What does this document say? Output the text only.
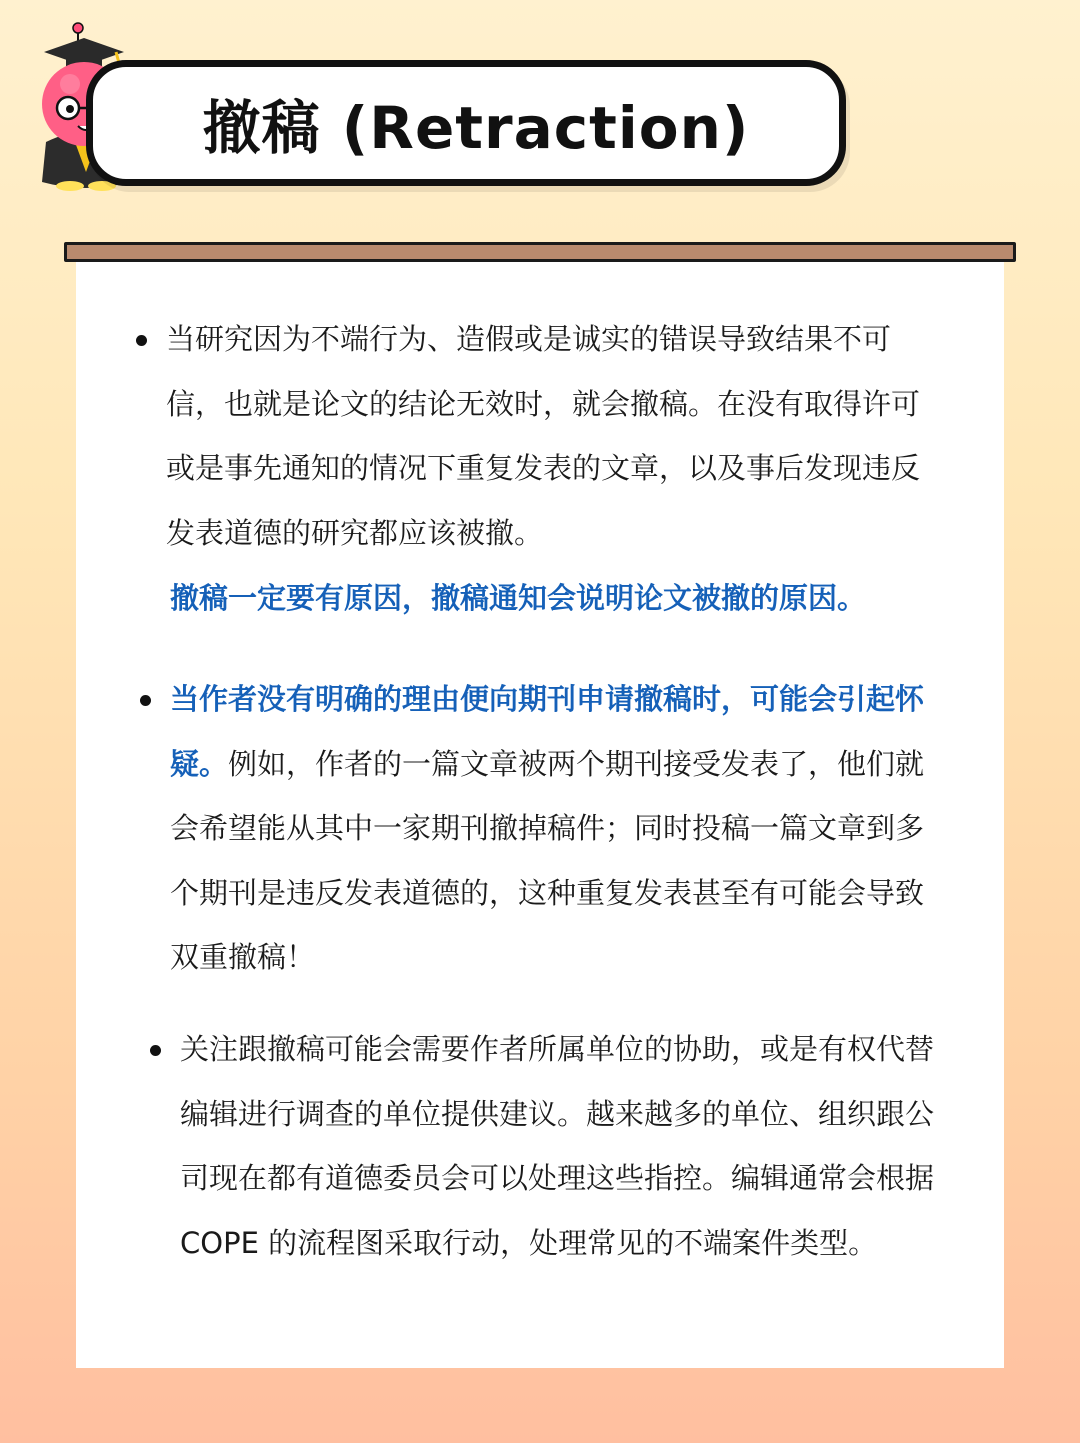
撤稿 (Retraction)
当研究因为不端行为、造假或是诚实的错误导致结果不可信，也就是论文的结论无效时，就会撤稿。在没有取得许可或是事先通知的情况下重复发表的文章，以及事后发现违反发表道德的研究都应该被撤。
撤稿一定要有原因，撤稿通知会说明论文被撤的原因。
当作者没有明确的理由便向期刊申请撤稿时，可能会引起怀疑。例如，作者的一篇文章被两个期刊接受发表了，他们就会希望能从其中一家期刊撤掉稿件；同时投稿一篇文章到多个期刊是违反发表道德的，这种重复发表甚至有可能会导致双重撤稿！
关注跟撤稿可能会需要作者所属单位的协助，或是有权代替编辑进行调查的单位提供建议。越来越多的单位、组织跟公司现在都有道德委员会可以处理这些指控。编辑通常会根据 COPE 的流程图采取行动，处理常见的不端案件类型。
